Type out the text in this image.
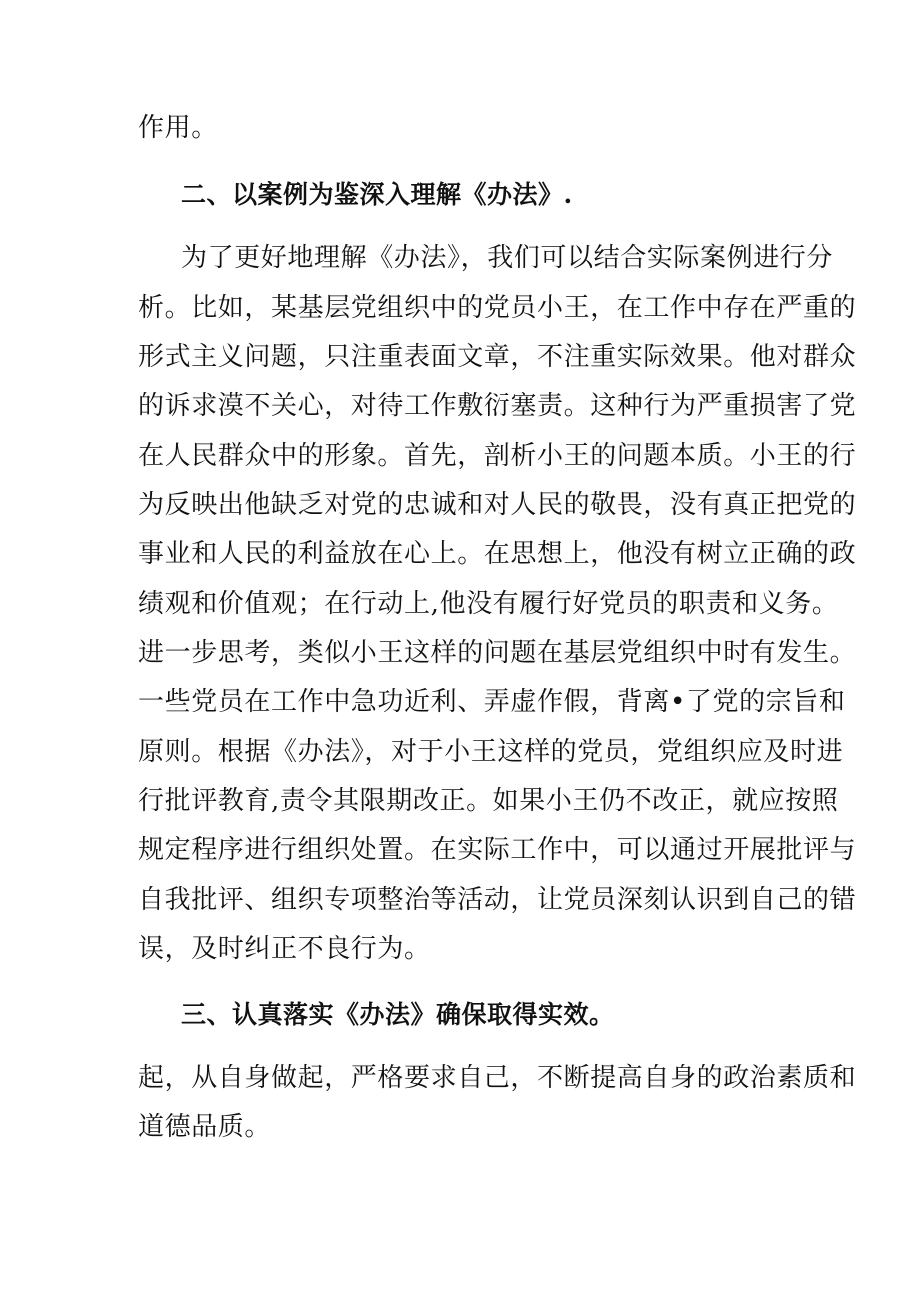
作用。

二、以案例为鉴深入理解《办法》.

为了更好地理解《办法》，我们可以结合实际案例进行分

析。比如，某基层党组织中的党员小王，在工作中存在严重的

形式主义问题，只注重表面文章，不注重实际效果。他对群众

的诉求漠不关心，对待工作敷衍塞责。这种行为严重损害了党

在人民群众中的形象。首先，剖析小王的问题本质。小王的行

为反映出他缺乏对党的忠诚和对人民的敬畏，没有真正把党的

事业和人民的利益放在心上。在思想上，他没有树立正确的政

绩观和价值观；在行动上,他没有履行好党员的职责和义务。

进一步思考，类似小王这样的问题在基层党组织中时有发生。

一些党员在工作中急功近利、弄虚作假，背离•了党的宗旨和

原则。根据《办法》，对于小王这样的党员，党组织应及时进

行批评教育,责令其限期改正。如果小王仍不改正，就应按照

规定程序进行组织处置。在实际工作中，可以通过开展批评与

自我批评、组织专项整治等活动，让党员深刻认识到自己的错

误，及时纠正不良行为。

三、认真落实《办法》确保取得实效。

起，从自身做起，严格要求自己，不断提高自身的政治素质和

道德品质。
